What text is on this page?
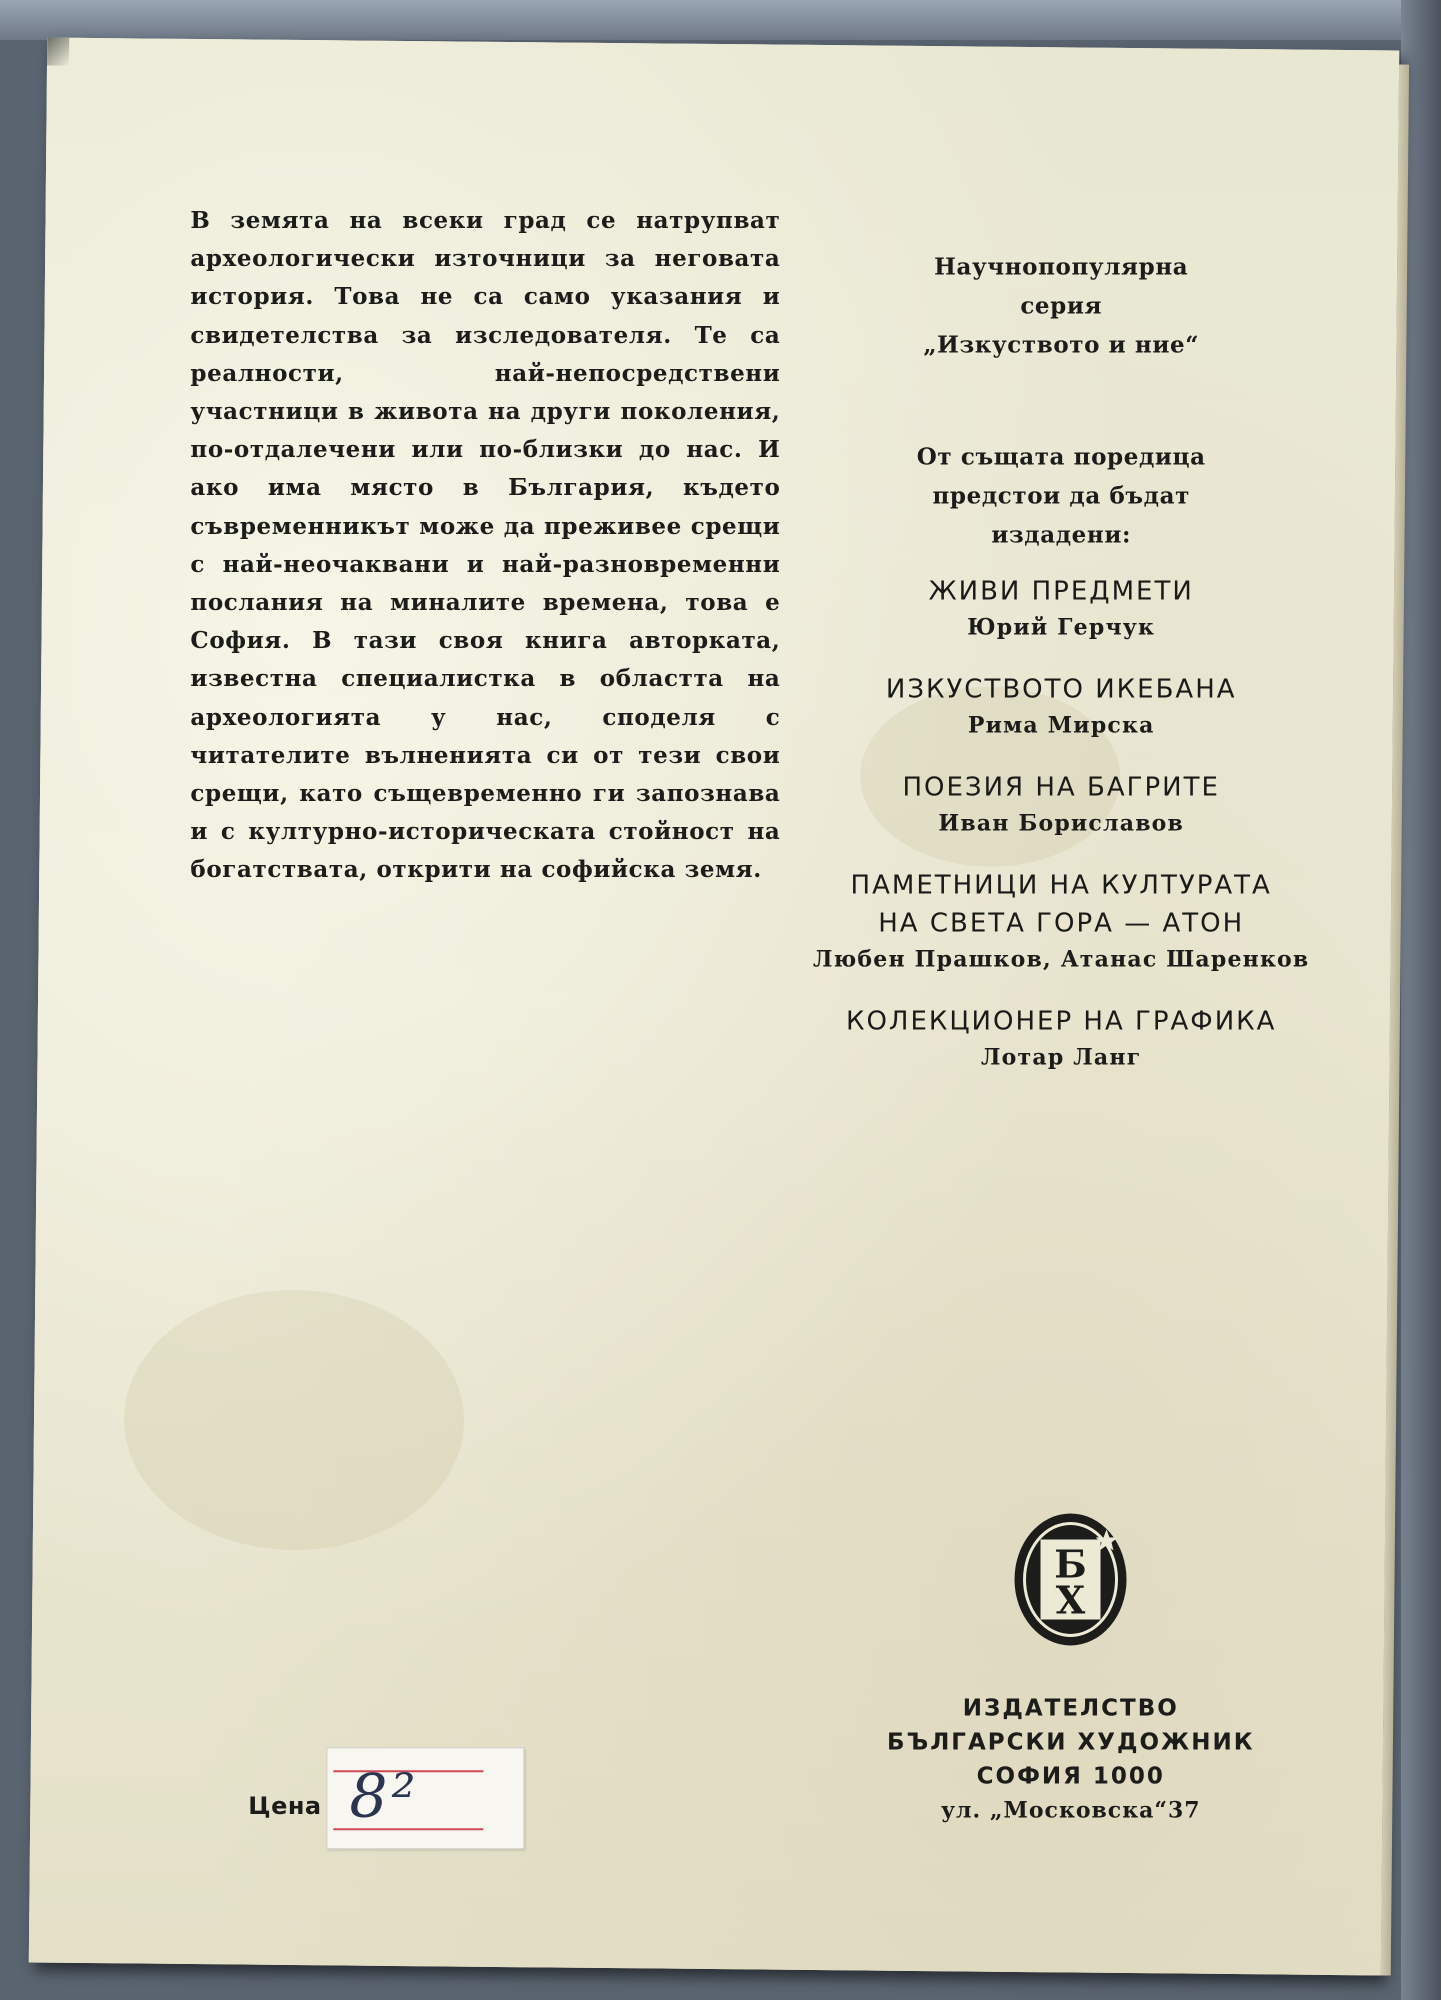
В земята на всеки град се натрупват археологически източници за неговата история. Това не са само указания и свидетелства за изследователя. Те са реалности, най-непосредствени участници в живота на други поколения, по-отдалечени или по-близки до нас. И ако има място в България, където съвременникът може да преживее срещи с най-неочаквани и най-разновременни послания на миналите времена, това е София. В тази своя книга авторката, известна специалистка в областта на археологията у нас, споделя с читателите вълненията си от тези свои срещи, като същевременно ги запознава и с културно-историческата стойност на богатствата, открити на софийска земя.

Научнопопулярна
серия
„Изкуството и ние“
От същата поредица
предстои да бъдат
издадени:
ЖИВИ ПРЕДМЕТИ
Юрий Герчук
ИЗКУСТВОТО ИКЕБАНА
Рима Мирска
ПОЕЗИЯ НА БАГРИТЕ
Иван Бориславов
ПАМЕТНИЦИ НА КУЛТУРАТА НА СВЕТА ГОРА — АТОН
Любен Прашков, Атанас Шаренков
КОЛЕКЦИОНЕР НА ГРАФИКА
Лотар Ланг
Б
Х
ИЗДАТЕЛСТВО
БЪЛГАРСКИ ХУДОЖНИК
СОФИЯ 1000
ул. „Московска“37
Цена 8²
